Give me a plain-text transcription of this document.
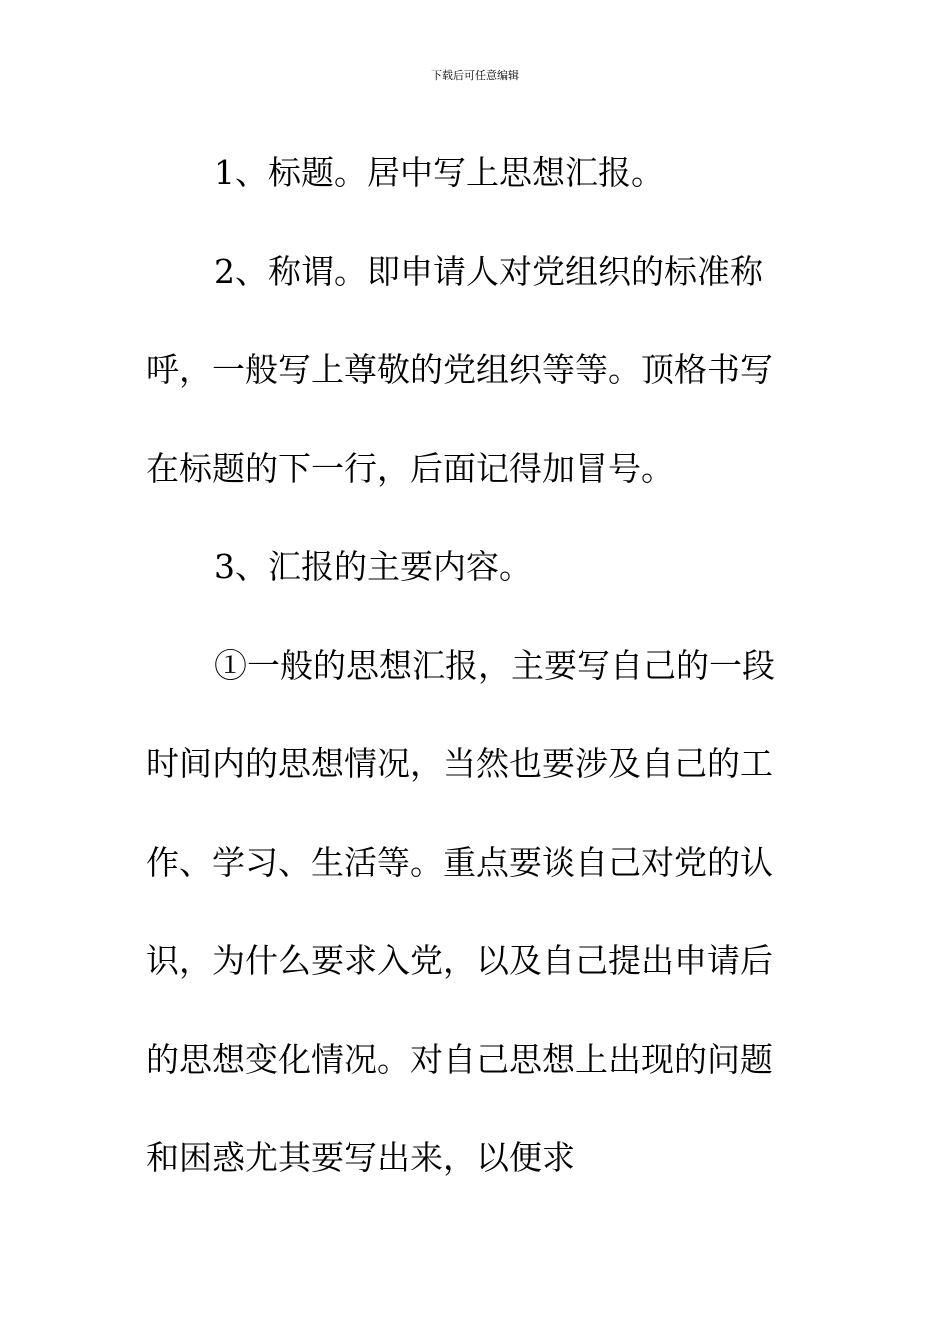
下载后可任意编辑

1、标题。居中写上思想汇报。

2、称谓。即申请人对党组织的标准称呼，一般写上尊敬的党组织等等。顶格书写在标题的下一行，后面记得加冒号。

3、汇报的主要内容。

①一般的思想汇报，主要写自己的一段时间内的思想情况，当然也要涉及自己的工作、学习、生活等。重点要谈自己对党的认识，为什么要求入党，以及自己提出申请后的思想变化情况。对自己思想上出现的问题和困惑尤其要写出来，以便求
